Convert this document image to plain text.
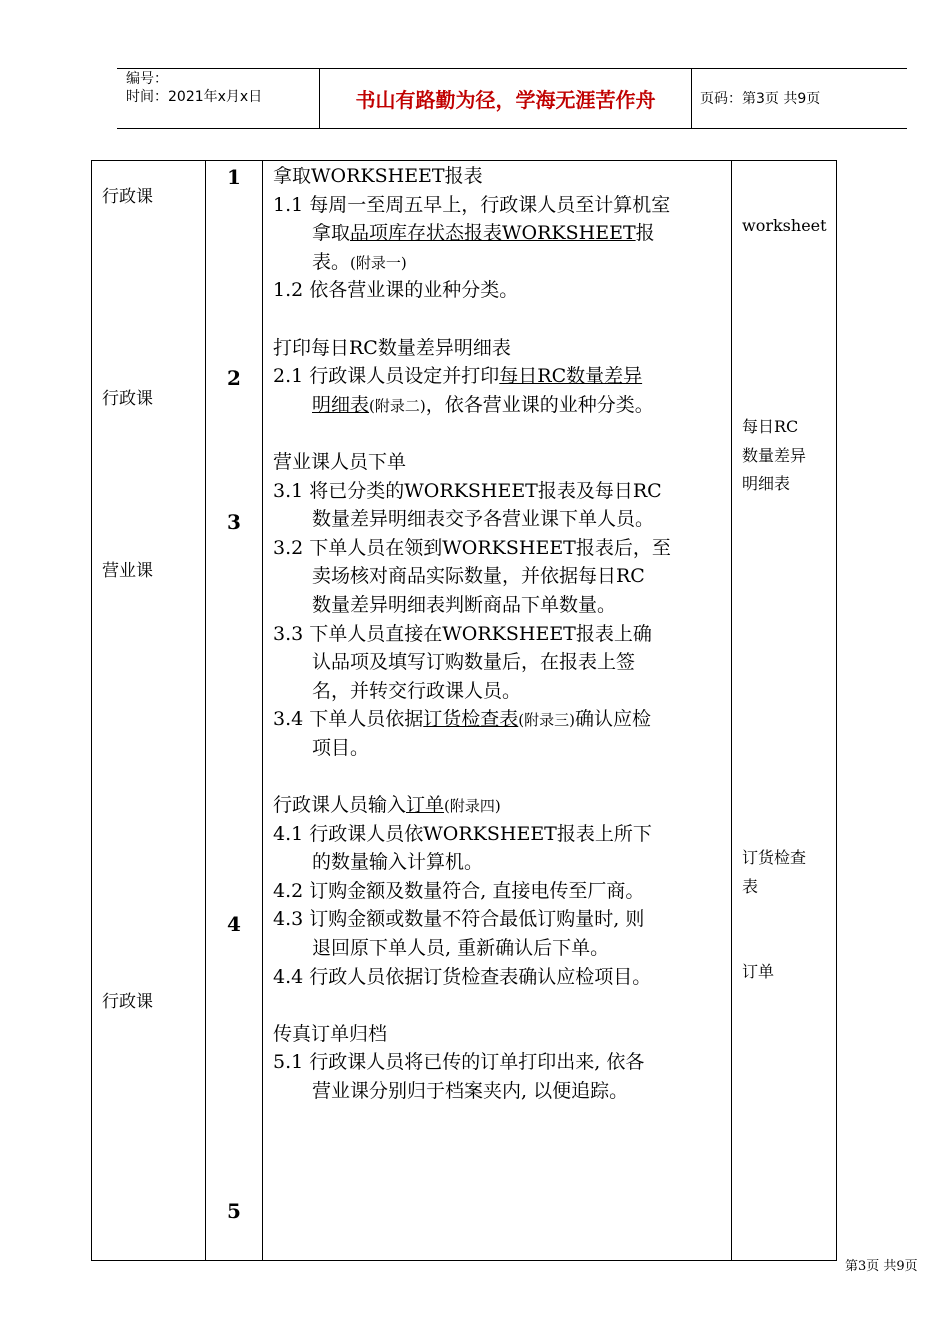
编号：
时间：2021年x月x日	书山有路勤为径，学海无涯苦作舟	页码：第3页 共9页
行政课
行政课
营业课
行政课
1
2
3
4
5
拿取WORKSHEET报表
1.1 每周一至周五早上，行政课人员至计算机室
拿取品项库存状态报表WORKSHEET报
表。(附录一)
1.2 依各营业课的业种分类。
打印每日RC数量差异明细表
2.1 行政课人员设定并打印每日RC数量差异
明细表(附录二)，依各营业课的业种分类。
营业课人员下单
3.1 将已分类的WORKSHEET报表及每日RC
数量差异明细表交予各营业课下单人员。
3.2 下单人员在领到WORKSHEET报表后，至
卖场核对商品实际数量，并依据每日RC
数量差异明细表判断商品下单数量。
3.3 下单人员直接在WORKSHEET报表上确
认品项及填写订购数量后，在报表上签
名，并转交行政课人员。
3.4 下单人员依据订货检查表(附录三)确认应检
项目。
行政课人员输入订单(附录四)
4.1 行政课人员依WORKSHEET报表上所下
的数量输入计算机。
4.2 订购金额及数量符合, 直接电传至厂商。
4.3 订购金额或数量不符合最低订购量时, 则
退回原下单人员, 重新确认后下单。
4.4 行政人员依据订货检查表确认应检项目。
传真订单归档
5.1 行政课人员将已传的订单打印出来, 依各
营业课分别归于档案夹内, 以便追踪。
worksheet
每日RC
数量差异
明细表
订货检查
表
订单
第3页 共9页
